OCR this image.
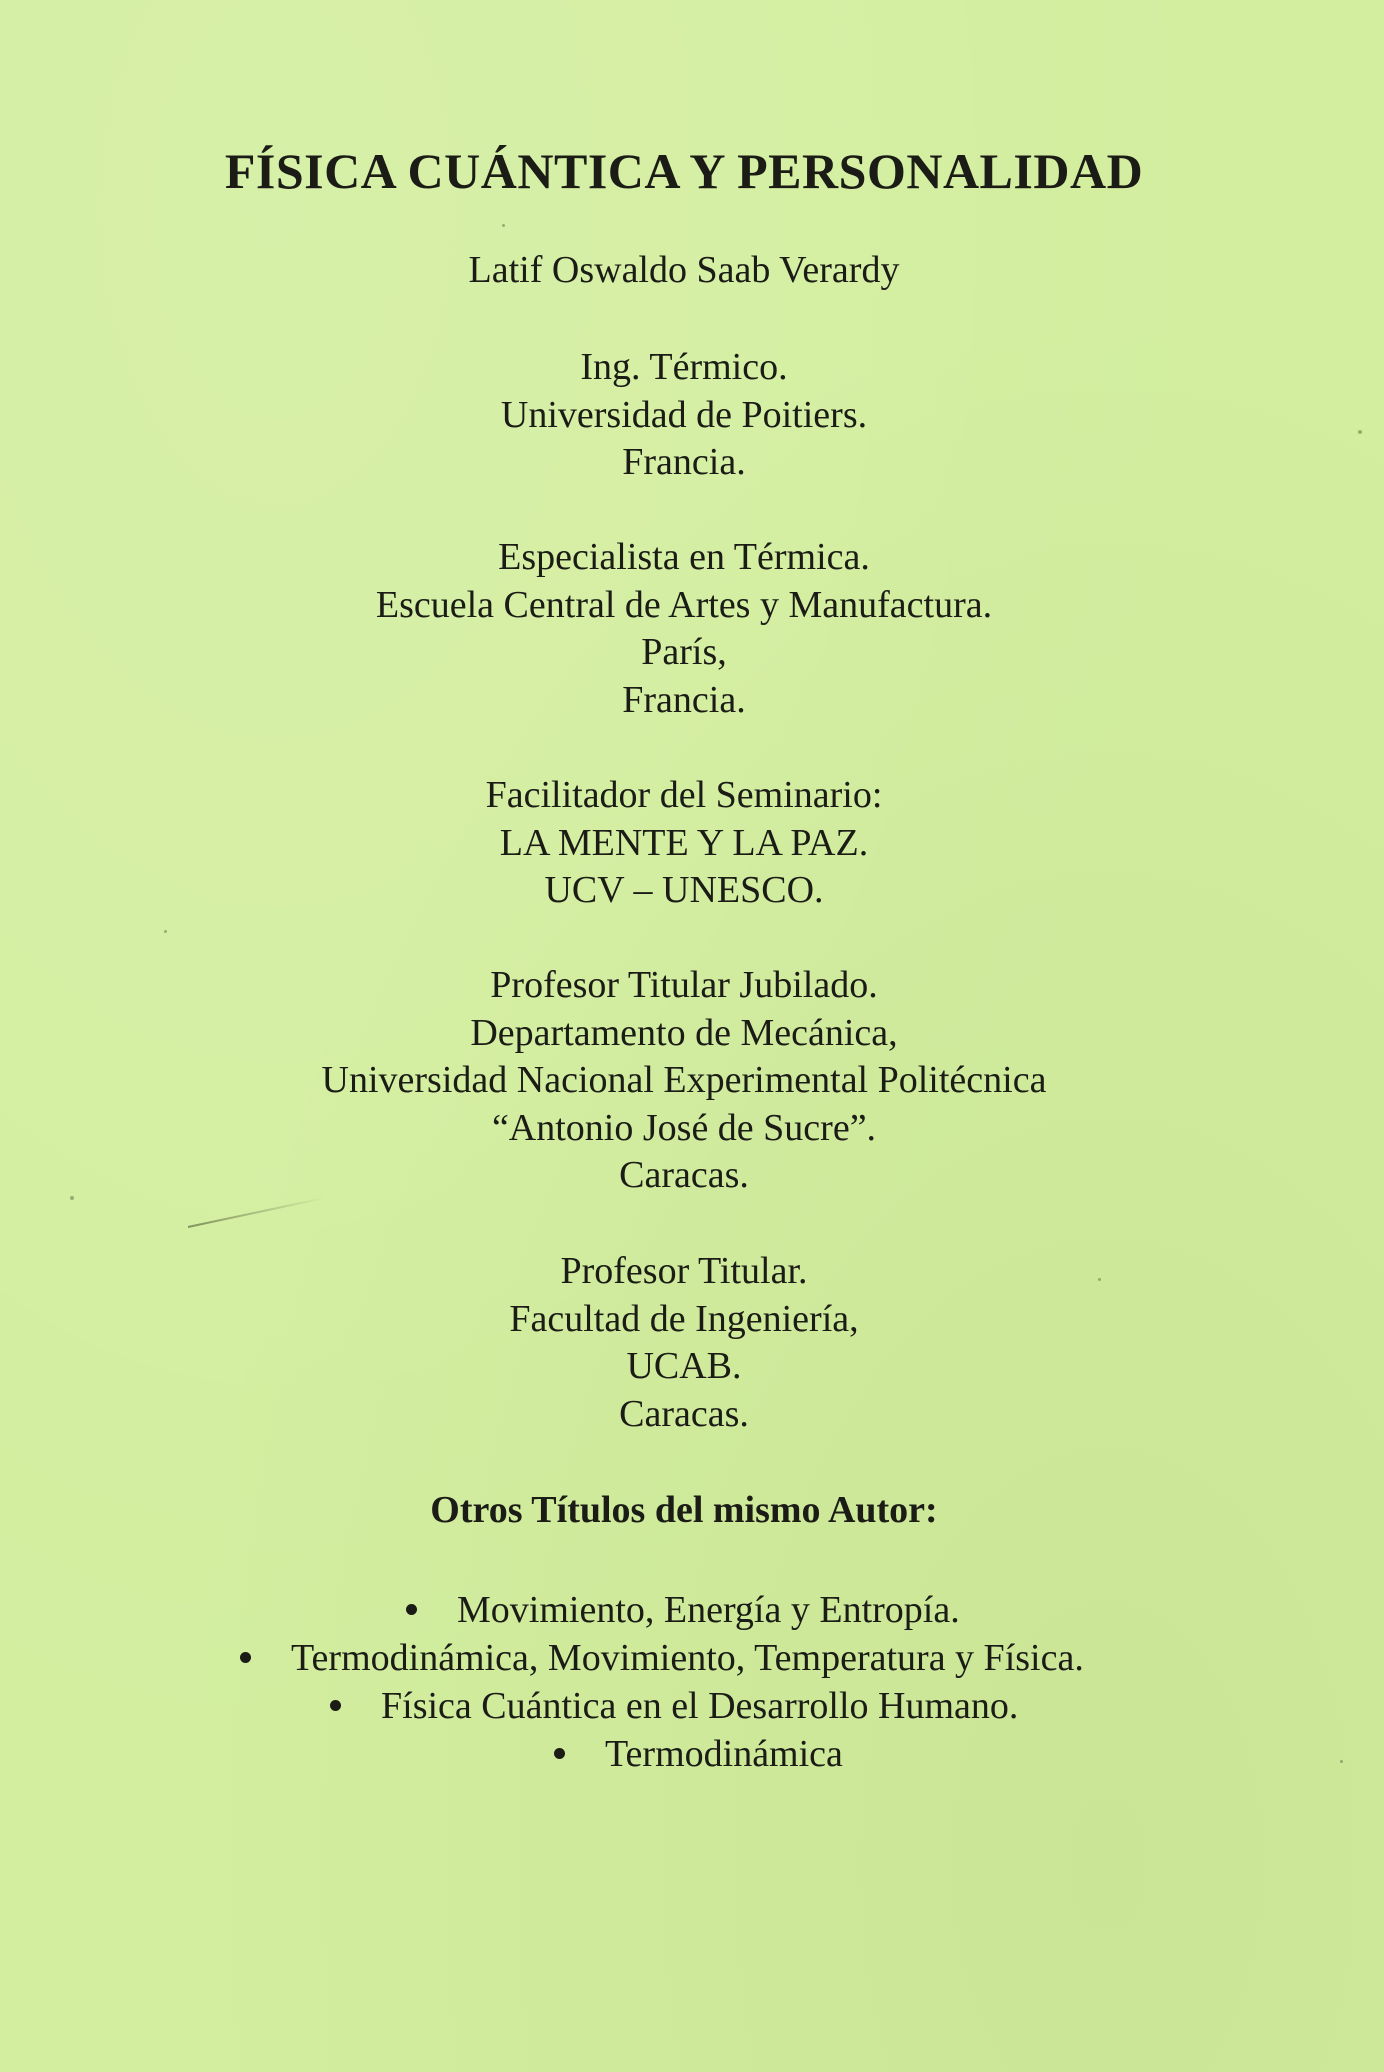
FÍSICA CUÁNTICA Y PERSONALIDAD
Latif Oswaldo Saab Verardy
Ing. Térmico.
Universidad de Poitiers.
Francia.
Especialista en Térmica.
Escuela Central de Artes y Manufactura.
París,
Francia.
Facilitador del Seminario:
LA MENTE Y LA PAZ.
UCV – UNESCO.
Profesor Titular Jubilado.
Departamento de Mecánica,
Universidad Nacional Experimental Politécnica
“Antonio José de Sucre”.
Caracas.
Profesor Titular.
Facultad de Ingeniería,
UCAB.
Caracas.
Otros Títulos del mismo Autor:
Movimiento, Energía y Entropía.
Termodinámica, Movimiento, Temperatura y Física.
Física Cuántica en el Desarrollo Humano.
Termodinámica
